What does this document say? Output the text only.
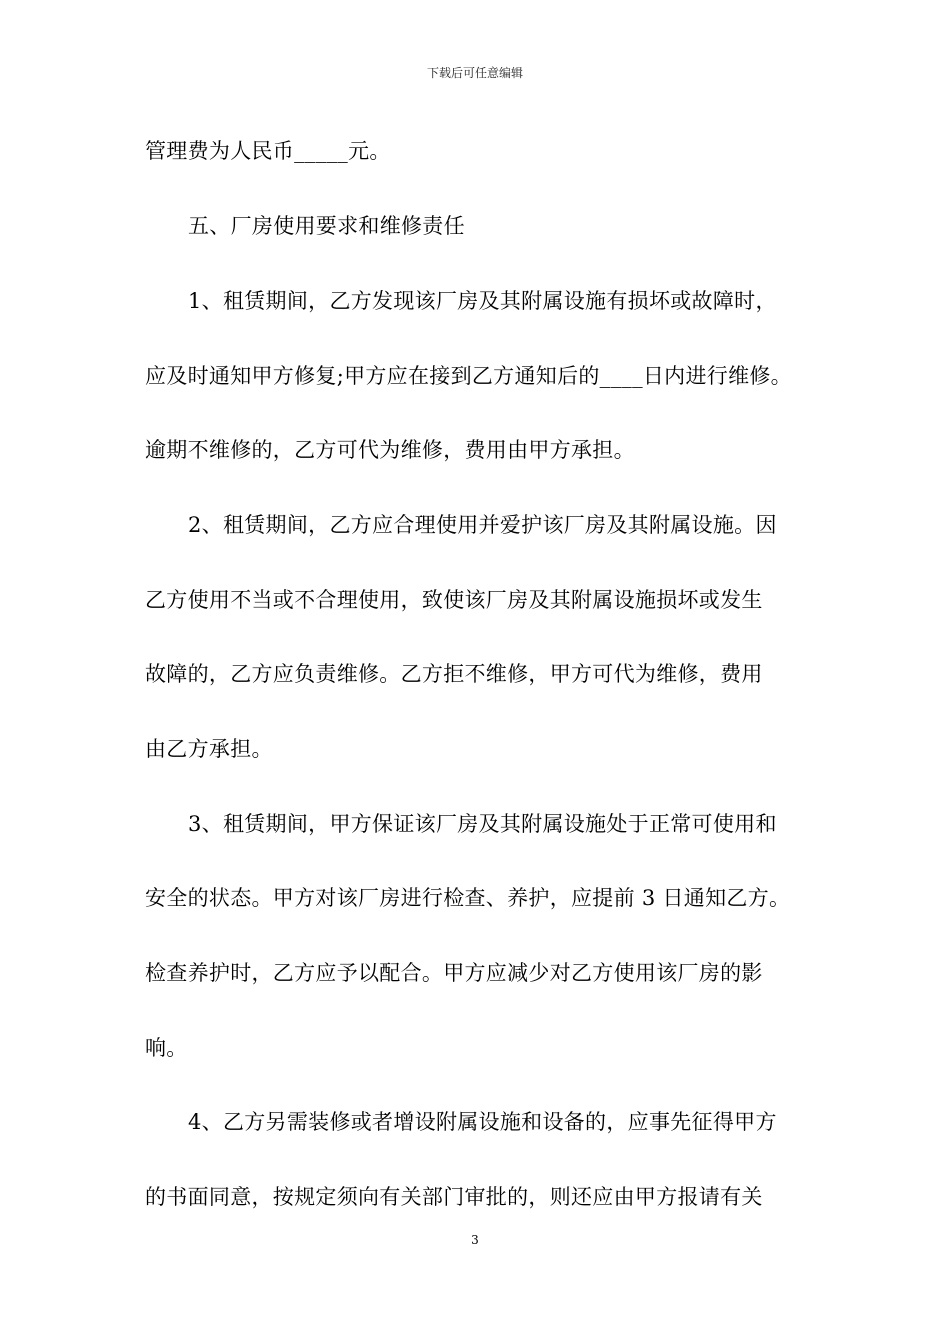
下载后可任意编辑
管理费为人民币_____元。
五、厂房使用要求和维修责任
1、租赁期间，乙方发现该厂房及其附属设施有损坏或故障时，
应及时通知甲方修复;甲方应在接到乙方通知后的____日内进行维修。
逾期不维修的，乙方可代为维修，费用由甲方承担。
2、租赁期间，乙方应合理使用并爱护该厂房及其附属设施。因
乙方使用不当或不合理使用，致使该厂房及其附属设施损坏或发生
故障的，乙方应负责维修。乙方拒不维修，甲方可代为维修，费用
由乙方承担。
3、租赁期间，甲方保证该厂房及其附属设施处于正常可使用和
安全的状态。甲方对该厂房进行检查、养护，应提前 3 日通知乙方。
检查养护时，乙方应予以配合。甲方应减少对乙方使用该厂房的影
响。
4、乙方另需装修或者增设附属设施和设备的，应事先征得甲方
的书面同意，按规定须向有关部门审批的，则还应由甲方报请有关
3
